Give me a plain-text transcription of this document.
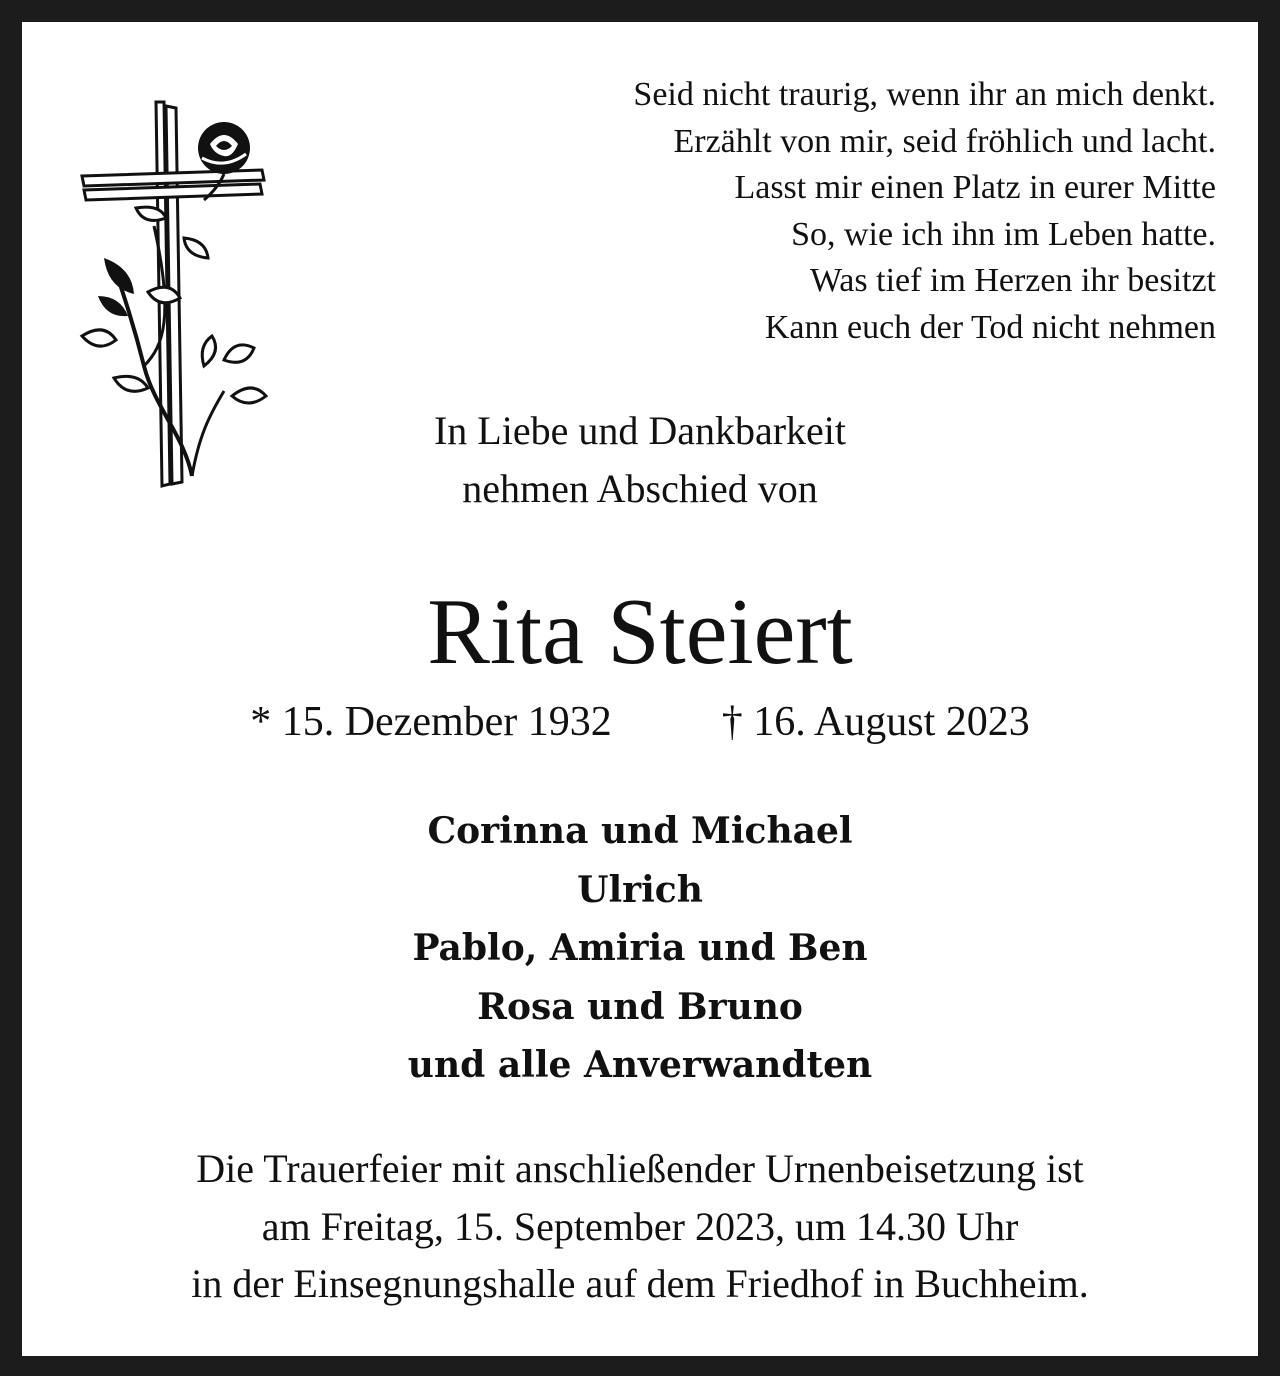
Seid nicht traurig, wenn ihr an mich denkt.
Erzählt von mir, seid fröhlich und lacht.
Lasst mir einen Platz in eurer Mitte
So, wie ich ihn im Leben hatte.
Was tief im Herzen ihr besitzt
Kann euch der Tod nicht nehmen
In Liebe und Dankbarkeit
nehmen Abschied von
Rita Steiert
* 15. Dezember 1932	† 16. August 2023
Corinna und Michael
Ulrich
Pablo, Amiria und Ben
Rosa und Bruno
und alle Anverwandten
Die Trauerfeier mit anschließender Urnenbeisetzung ist
am Freitag, 15. September 2023, um 14.30 Uhr
in der Einsegnungshalle auf dem Friedhof in Buchheim.
